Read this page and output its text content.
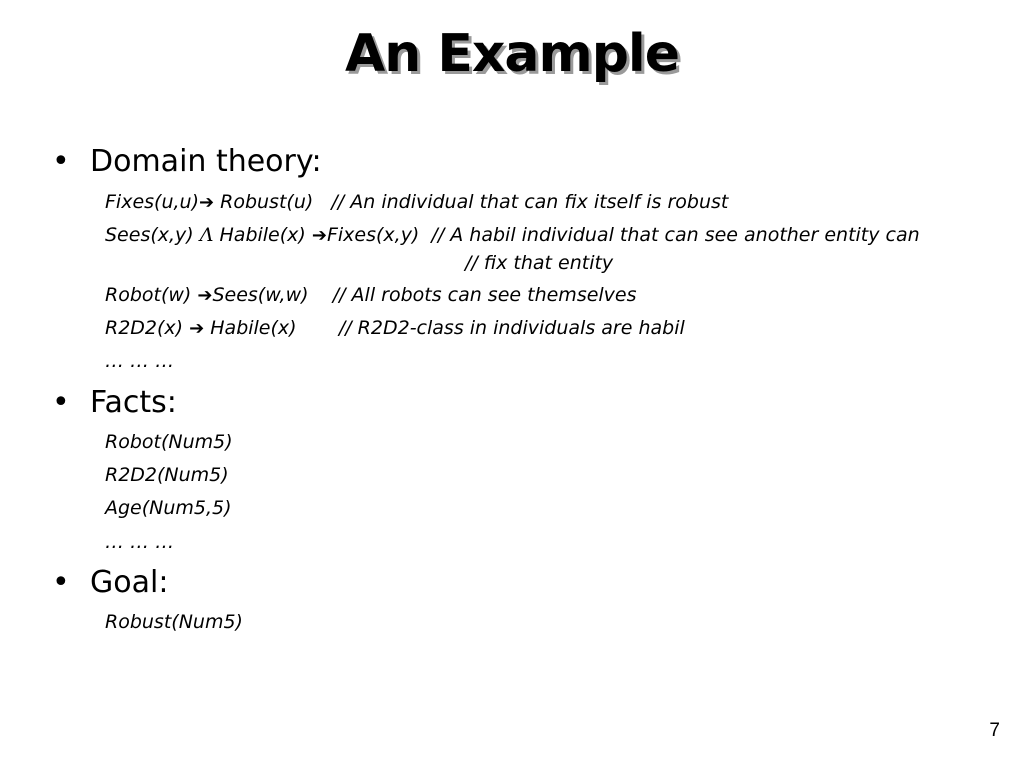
An Example
• Domain theory:
Fixes(u,u)➔ Robust(u)   // An individual that can fix itself is robust
Sees(x,y) Λ Habile(x) ➔Fixes(x,y)  // A habil individual that can see another entity can
// fix that entity
Robot(w) ➔Sees(w,w)    // All robots can see themselves
R2D2(x) ➔ Habile(x)       // R2D2-class in individuals are habil
… … …
• Facts:
Robot(Num5)
R2D2(Num5)
Age(Num5,5)
… … …
• Goal:
Robust(Num5)
7
